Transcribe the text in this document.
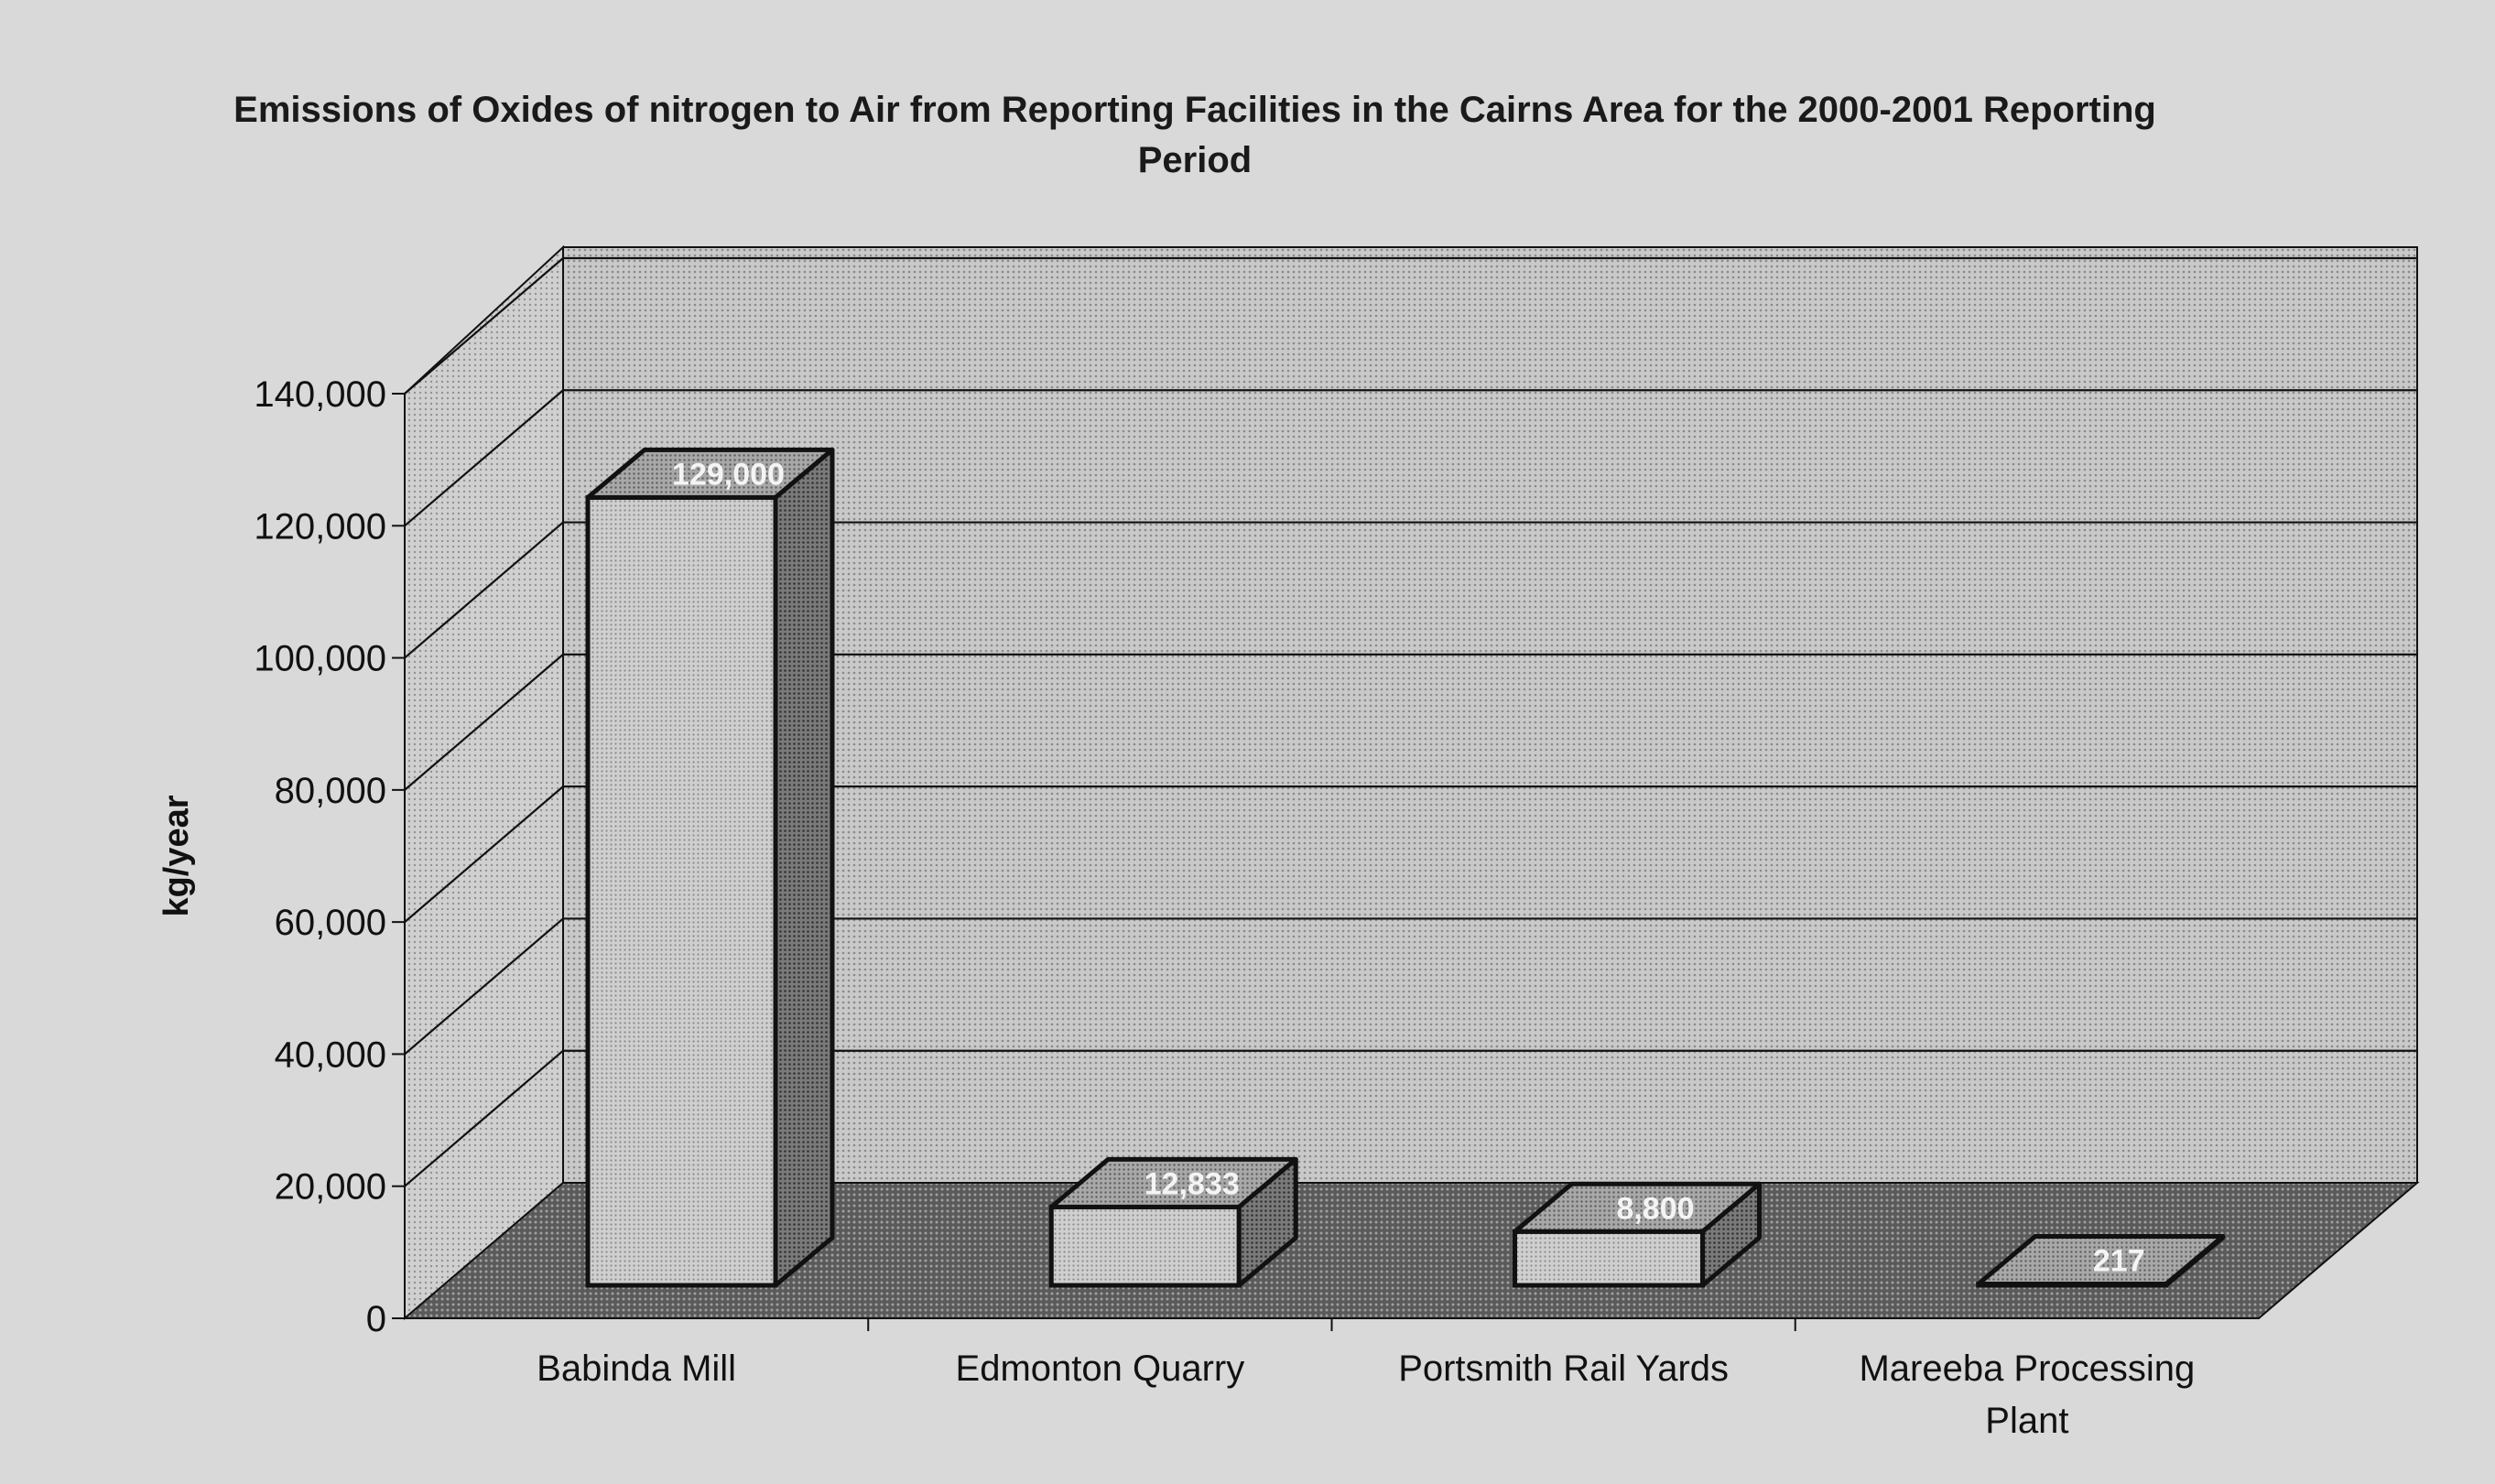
Emissions of Oxides of nitrogen to Air from Reporting Facilities in the Cairns Area for the 2000-2001 Reporting
Period
kg/year
0
20,000
40,000
60,000
80,000
100,000
120,000
140,000
129,000
12,833
8,800
217
Babinda Mill	Edmonton Quarry	Portsmith Rail Yards	Mareeba Processing
Plant
